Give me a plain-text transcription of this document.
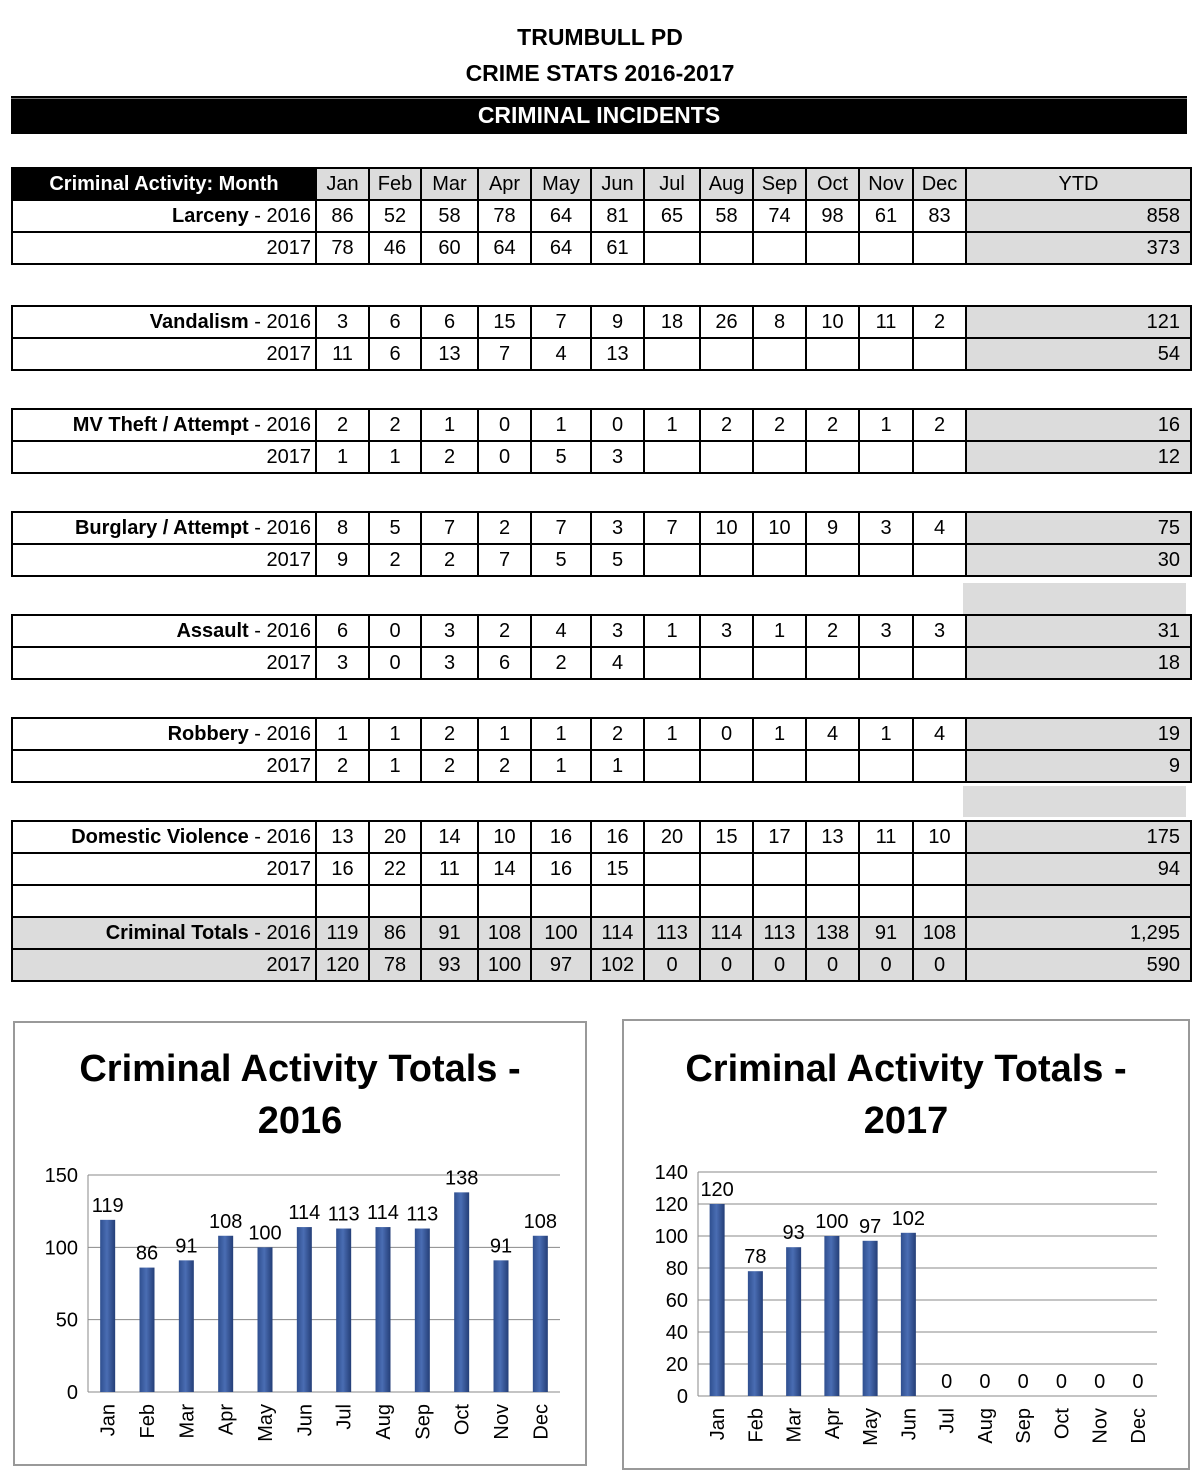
TRUMBULL PD
CRIME STATS 2016-2017
CRIMINAL INCIDENTS
Criminal Activity: Month	Jan	Feb	Mar	Apr	May	Jun	Jul	Aug	Sep	Oct	Nov	Dec	YTD
Larceny - 2016	86	52	58	78	64	81	65	58	74	98	61	83	858
2017	78	46	60	64	64	61							373
Vandalism - 2016	3	6	6	15	7	9	18	26	8	10	11	2	121
2017	11	6	13	7	4	13							54
MV Theft / Attempt - 2016	2	2	1	0	1	0	1	2	2	2	1	2	16
2017	1	1	2	0	5	3							12
Burglary / Attempt - 2016	8	5	7	2	7	3	7	10	10	9	3	4	75
2017	9	2	2	7	5	5							30
Assault - 2016	6	0	3	2	4	3	1	3	1	2	3	3	31
2017	3	0	3	6	2	4							18
Robbery - 2016	1	1	2	1	1	2	1	0	1	4	1	4	19
2017	2	1	2	2	1	1							9
Domestic Violence - 2016	13	20	14	10	16	16	20	15	17	13	11	10	175
2017	16	22	11	14	16	15							94

Criminal Totals - 2016	119	86	91	108	100	114	113	114	113	138	91	108	1,295
2017	120	78	93	100	97	102	0	0	0	0	0	0	590
Criminal Activity Totals -
2016
0
50
100
150
119
Jan
86
Feb
91
Mar
108
Apr
100
May
114
Jun
113
Jul
114
Aug
113
Sep
138
Oct
91
Nov
108
Dec
Criminal Activity Totals -
2017
0
20
40
60
80
100
120
140
120
Jan
78
Feb
93
Mar
100
Apr
97
May
102
Jun
0
Jul
0
Aug
0
Sep
0
Oct
0
Nov
0
Dec
